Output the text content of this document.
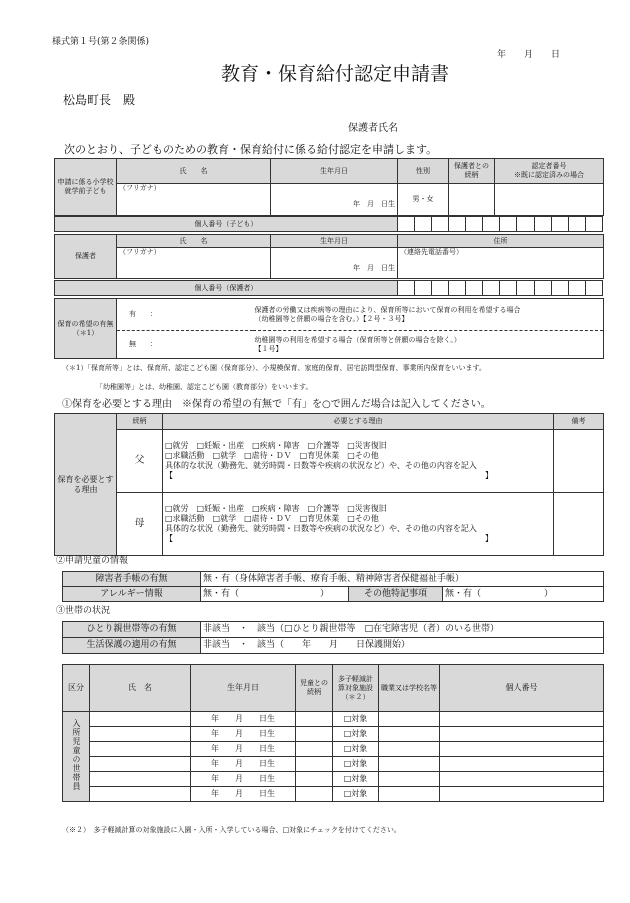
様式第１号(第２条関係)
年　　月　　日
教育・保育給付認定申請書
松島町長　殿
保護者氏名
次のとおり、子どものための教育・保育給付に係る給付認定を申請します。
申請に係る小学校就学前子ども	氏　　名	生年月日	性別	保護者との続柄	認定者番号
※既に認定済みの場合

	（フリガナ）	年　月　日生	男・女		
個人番号（子ども）												
保護者	氏　　名	生年月日	住所
	（フリガナ）	年　月　日生	（連絡先電話番号）
個人番号（保護者）												
保育の希望の有無（＊1）	有　　：	保護者の労働又は疾病等の理由により、保育所等において保育の利用を希望する場合
（幼稚園等と併願の場合を含む。）【２号・３号】

	無　　：	幼稚園等の利用を希望する場合（保育所等と併願の場合を除く。）
【１号】
（＊1）「保育所等」とは、保育所、認定こども園（保育部分）、小規模保育、家庭的保育、居宅訪問型保育、事業所内保育をいいます。
「幼稚園等」とは、幼稚園、認定こども園（教育部分）をいいます。
①保育を必要とする理由　※保育の希望の有無で「有」を○で囲んだ場合は記入してください。
保育を必要とする理由	続柄	必要とする理由	備考
	父	□就労　□妊娠・出産　□疾病・障害　□介護等　□災害復旧
□求職活動　□就学　□虐待・ＤＶ　□育児休業　□その他
具体的な状況（勤務先、就労時間・日数等や疾病の状況など）や、その他の内容を記入
【 】	

	母	□就労　□妊娠・出産　□疾病・障害　□介護等　□災害復旧
□求職活動　□就学　□虐待・ＤＶ　□育児休業　□その他
具体的な状況（勤務先、就労時間・日数等や疾病の状況など）や、その他の内容を記入
【 】	

②申請児童の情報
障害者手帳の有無	無・有（身体障害者手帳、療育手帳、精神障害者保健福祉手帳）		
アレルギー情報	無・有（　　　　　　　　　）	その他特記事項	無・有（　　　　　　　）
③世帯の状況
ひとり親世帯等の有無	非該当　・　該当（□ひとり親世帯等　□在宅障害児（者）のいる世帯）
生活保護の適用の有無	非該当　・　該当（　　年　　月　　日保護開始）
区分	氏　名	生年月日	児童との続柄	多子軽減計算対象施設（＊２）	職業又は学校名等	個人番号
入所児童の世帯員		年　　月　　日生		□対象		
		年　　月　　日生		□対象		
		年　　月　　日生		□対象		
		年　　月　　日生		□対象		
		年　　月　　日生		□対象		
		年　　月　　日生		□対象		
（※２）　多子軽減計算の対象施設に入園・入所・入学している場合、□対象にチェックを付けてください。
